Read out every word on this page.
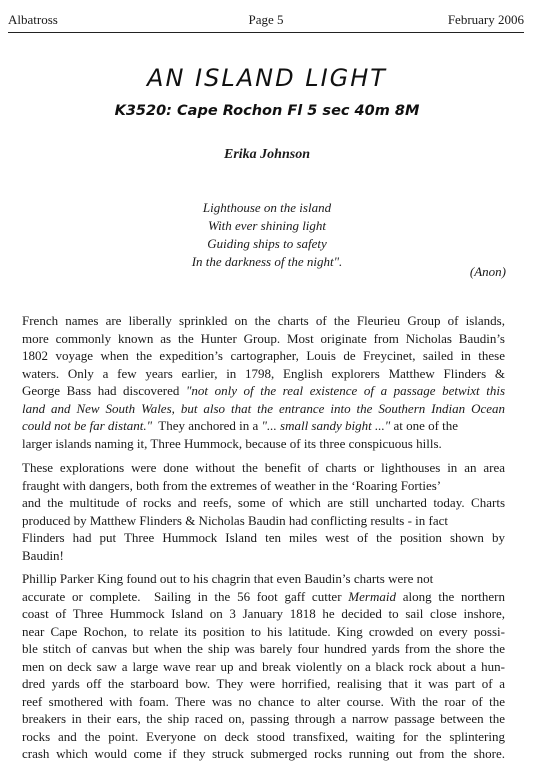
Albatross	Page 5	February 2006
AN ISLAND LIGHT
K3520: Cape Rochon Fl 5 sec 40m 8M
Erika Johnson
Lighthouse on the island
With ever shining light
Guiding ships to safety
In the darkness of the night".
(Anon)
French names are liberally sprinkled on the charts of the Fleurieu Group of islands,
more commonly known as the Hunter Group. Most originate from Nicholas Baudin’s
1802 voyage when the expedition’s cartographer, Louis de Freycinet, sailed in these
waters. Only a few years earlier, in 1798, English explorers Matthew Flinders &
George Bass had discovered "not only of the real existence of a passage betwixt this
land and New South Wales, but also that the entrance into the Southern Indian Ocean
could not be far distant."  They anchored in a "... small sandy bight ..." at one of the
larger islands naming it, Three Hummock, because of its three conspicuous hills.
These explorations were done without the benefit of charts or lighthouses in an area
fraught with dangers, both from the extremes of weather in the ‘Roaring Forties’
and the multitude of rocks and reefs, some of which are still uncharted today. Charts
produced by Matthew Flinders & Nicholas Baudin had conflicting results - in fact
Flinders had put Three Hummock Island ten miles west of the position shown by
Baudin!
Phillip Parker King found out to his chagrin that even Baudin’s charts were not
accurate or complete.  Sailing in the 56 foot gaff cutter Mermaid along the northern
coast of Three Hummock Island on 3 January 1818 he decided to sail close inshore,
near Cape Rochon, to relate its position to his latitude. King crowded on every possi-
ble stitch of canvas but when the ship was barely four hundred yards from the shore the
men on deck saw a large wave rear up and break violently on a black rock about a hun-
dred yards off the starboard bow. They were horrified, realising that it was part of a
reef smothered with foam. There was no chance to alter course. With the roar of the
breakers in their ears, the ship raced on, passing through a narrow passage between the
rocks and the point. Everyone on deck stood transfixed, waiting for the splintering
crash which would come if they struck submerged rocks running out from the shore.
